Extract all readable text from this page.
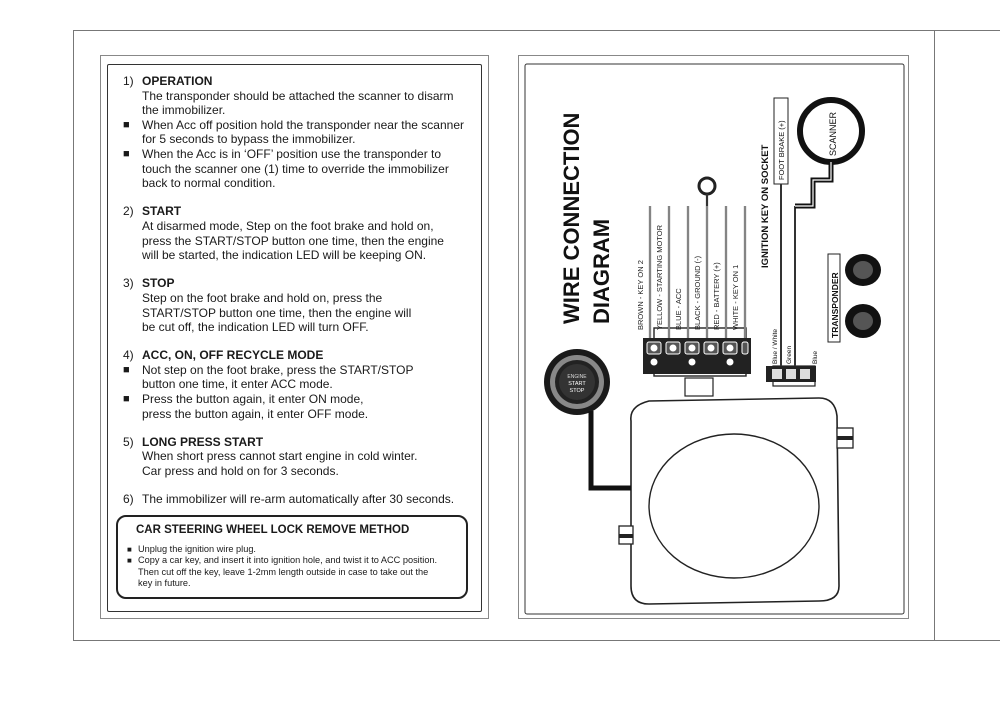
1) OPERATION
The transponder should be attached the scanner to disarm
the immobilizer.
■	When Acc off position hold the transponder near the scanner
for 5 seconds to bypass the immobilizer.
■	When the Acc is in ‘OFF’ position use the transponder to
touch the scanner one (1) time to override the immobilizer
back to normal condition.
2) START
At disarmed mode, Step on the foot brake and hold on,
press the START/STOP button one time, then the engine
will be started, the indication LED will be keeping ON.
3) STOP
Step on the foot brake and hold on, press the
START/STOP button one time, then the engine will
be cut off, the indication LED will turn OFF.
4) ACC, ON, OFF RECYCLE MODE
■	Not step on the foot brake, press the START/STOP
button one time, it enter ACC mode.
■	Press the button again, it enter ON mode,
press the button again, it enter OFF mode.
5) LONG PRESS START
When short press cannot start engine in cold winter.
Car press and hold on for 3 seconds.
6) The immobilizer will re-arm automatically after 30 seconds.
CAR STEERING WHEEL LOCK REMOVE METHOD
■ Unplug the ignition wire plug.
■ Copy a car key, and insert it into ignition hole, and twist it to ACC position.
Then cut off the key, leave 1-2mm length outside in case to take out the
key in future.
WIRE CONNECTION DIAGRAM	BROWN - KEY ON 2 YELLOW - STARTING MOTOR BLUE - ACC BLACK - GROUND (-) RED - BATTERY (+) WHITE - KEY ON 1
ENGINE
START
STOP
IGNITION KEY ON SOCKET FOOT BRAKE (+)
Blue / White Green	Blue
SCANNER
TRANSPONDER
